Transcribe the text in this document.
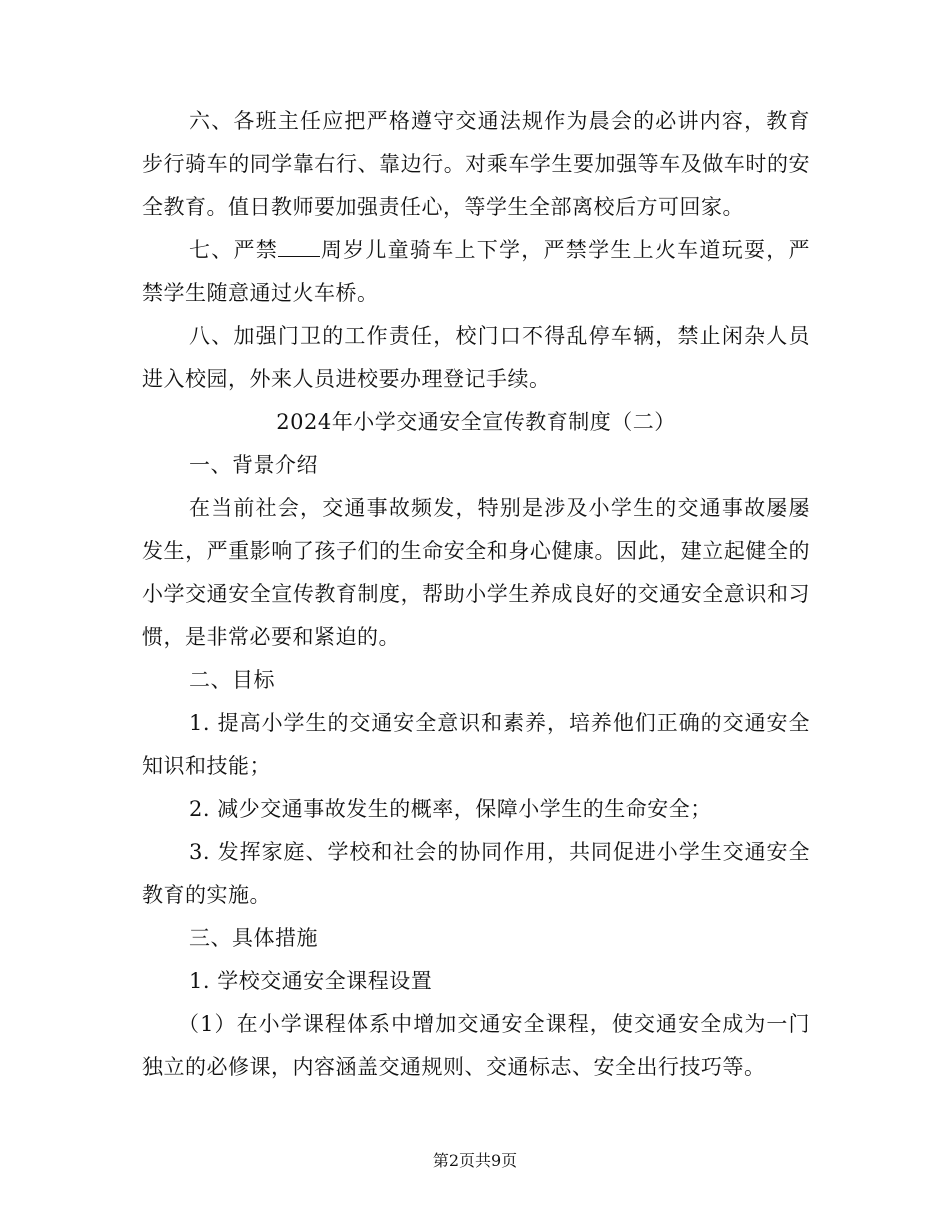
六、各班主任应把严格遵守交通法规作为晨会的必讲内容，教育步行骑车的同学靠右行、靠边行。对乘车学生要加强等车及做车时的安全教育。值日教师要加强责任心，等学生全部离校后方可回家。

七、严禁 周岁儿童骑车上下学，严禁学生上火车道玩耍，严禁学生随意通过火车桥。

八、加强门卫的工作责任，校门口不得乱停车辆，禁止闲杂人员进入校园，外来人员进校要办理登记手续。

2024年小学交通安全宣传教育制度（二）

一、背景介绍

在当前社会，交通事故频发，特别是涉及小学生的交通事故屡屡发生，严重影响了孩子们的生命安全和身心健康。因此，建立起健全的小学交通安全宣传教育制度，帮助小学生养成良好的交通安全意识和习惯，是非常必要和紧迫的。

二、目标

1. 提高小学生的交通安全意识和素养，培养他们正确的交通安全知识和技能；

2. 减少交通事故发生的概率，保障小学生的生命安全；

3. 发挥家庭、学校和社会的协同作用，共同促进小学生交通安全教育的实施。

三、具体措施

1. 学校交通安全课程设置

（1）在小学课程体系中增加交通安全课程，使交通安全成为一门独立的必修课，内容涵盖交通规则、交通标志、安全出行技巧等。

第2页共9页
